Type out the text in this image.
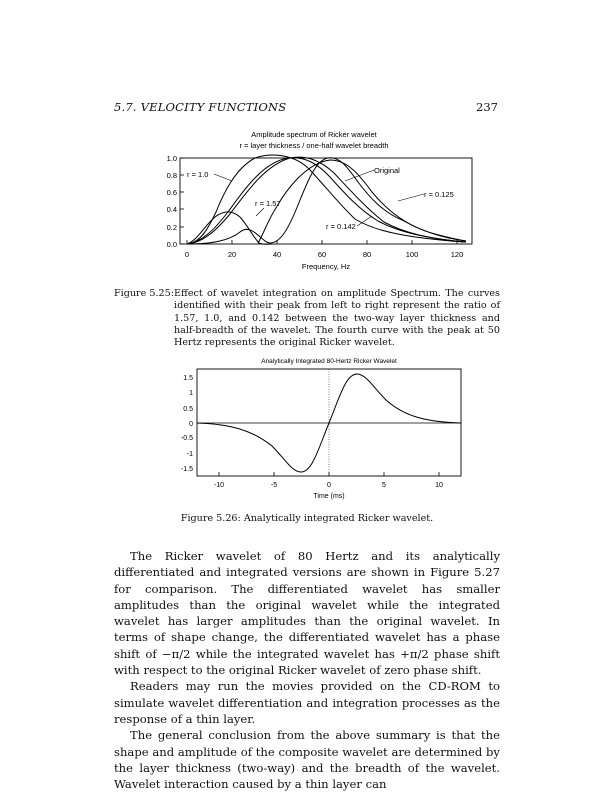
5.7. VELOCITY FUNCTIONS	237
Amplitude spectrum of Ricker wavelet
r = layer thickness / one-half wavelet breadth
0.0
0.2
0.4
0.6
0.8
1.0
0	20	40	60	80	100	120
Frequency, Hz
r = 1.0	Original
r = 0.125
r = 1.57
r = 0.142
Figure 5.25: Effect of wavelet integration on amplitude Spectrum. The curves identified with their peak from left to right represent the ratio of 1.57, 1.0, and 0.142 between the two-way layer thickness and half-breadth of the wavelet. The fourth curve with the peak at 50 Hertz represents the original Ricker wavelet.
Analytically Integrated 80-Hertz Ricker Wavelet
1.5
1
0.5
0
-0.5
-1
-1.5
-10	-5	0	5	10
Time (ms)
Figure 5.26: Analytically integrated Ricker wavelet.

The Ricker wavelet of 80 Hertz and its analytically differentiated and integrated versions are shown in Figure 5.27 for comparison. The differentiated wavelet has smaller amplitudes than the original wavelet while the integrated wavelet has larger amplitudes than the original wavelet. In terms of shape change, the differentiated wavelet has a phase shift of −π/2 while the integrated wavelet has +π/2 phase shift with respect to the original Ricker wavelet of zero phase shift.

Readers may run the movies provided on the CD-ROM to simulate wavelet differentiation and integration processes as the response of a thin layer.

The general conclusion from the above summary is that the shape and amplitude of the composite wavelet are determined by the layer thickness (two-way) and the breadth of the wavelet. Wavelet interaction caused by a thin layer can
